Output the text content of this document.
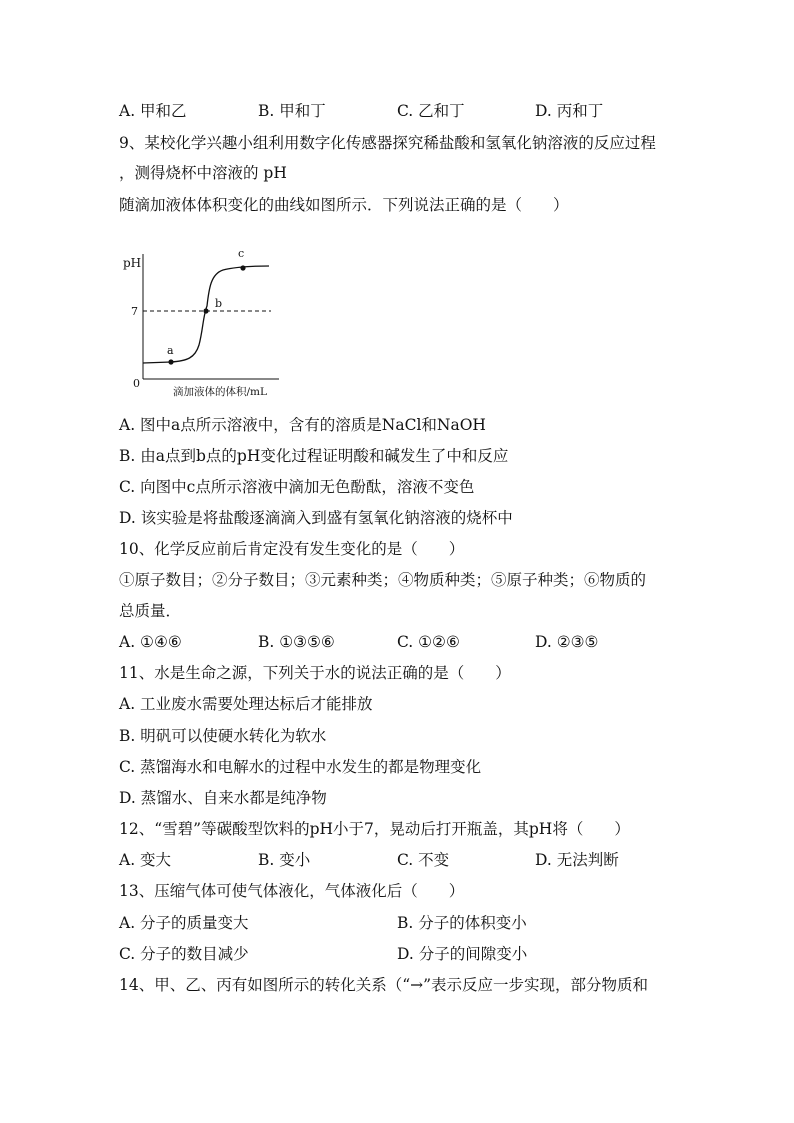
A. 甲和乙	B. 甲和丁	C. 乙和丁	D. 丙和丁
9、某校化学兴趣小组利用数字化传感器探究稀盐酸和氢氧化钠溶液的反应过程
，测得烧杯中溶液的 pH
随滴加液体体积变化的曲线如图所示．下列说法正确的是（　　）
pH
7
0
滴加液体的体积/mL
a
b
c
A. 图中a点所示溶液中，含有的溶质是NaCl和NaOH
B. 由a点到b点的pH变化过程证明酸和碱发生了中和反应
C. 向图中c点所示溶液中滴加无色酚酞，溶液不变色
D. 该实验是将盐酸逐滴滴入到盛有氢氧化钠溶液的烧杯中
10、化学反应前后肯定没有发生变化的是（　　）
①原子数目；②分子数目；③元素种类；④物质种类；⑤原子种类；⑥物质的
总质量．
A. ①④⑥	B. ①③⑤⑥	C. ①②⑥	D. ②③⑤
11、水是生命之源，下列关于水的说法正确的是（　　）
A. 工业废水需要处理达标后才能排放
B. 明矾可以使硬水转化为软水
C. 蒸馏海水和电解水的过程中水发生的都是物理变化
D. 蒸馏水、自来水都是纯净物
12、“雪碧”等碳酸型饮料的pH小于7，晃动后打开瓶盖，其pH将（　　）
A. 变大	B. 变小	C. 不变	D. 无法判断
13、压缩气体可使气体液化，气体液化后（　　）
A. 分子的质量变大	B. 分子的体积变小
C. 分子的数目减少	D. 分子的间隙变小
14、甲、乙、丙有如图所示的转化关系（“→”表示反应一步实现，部分物质和
